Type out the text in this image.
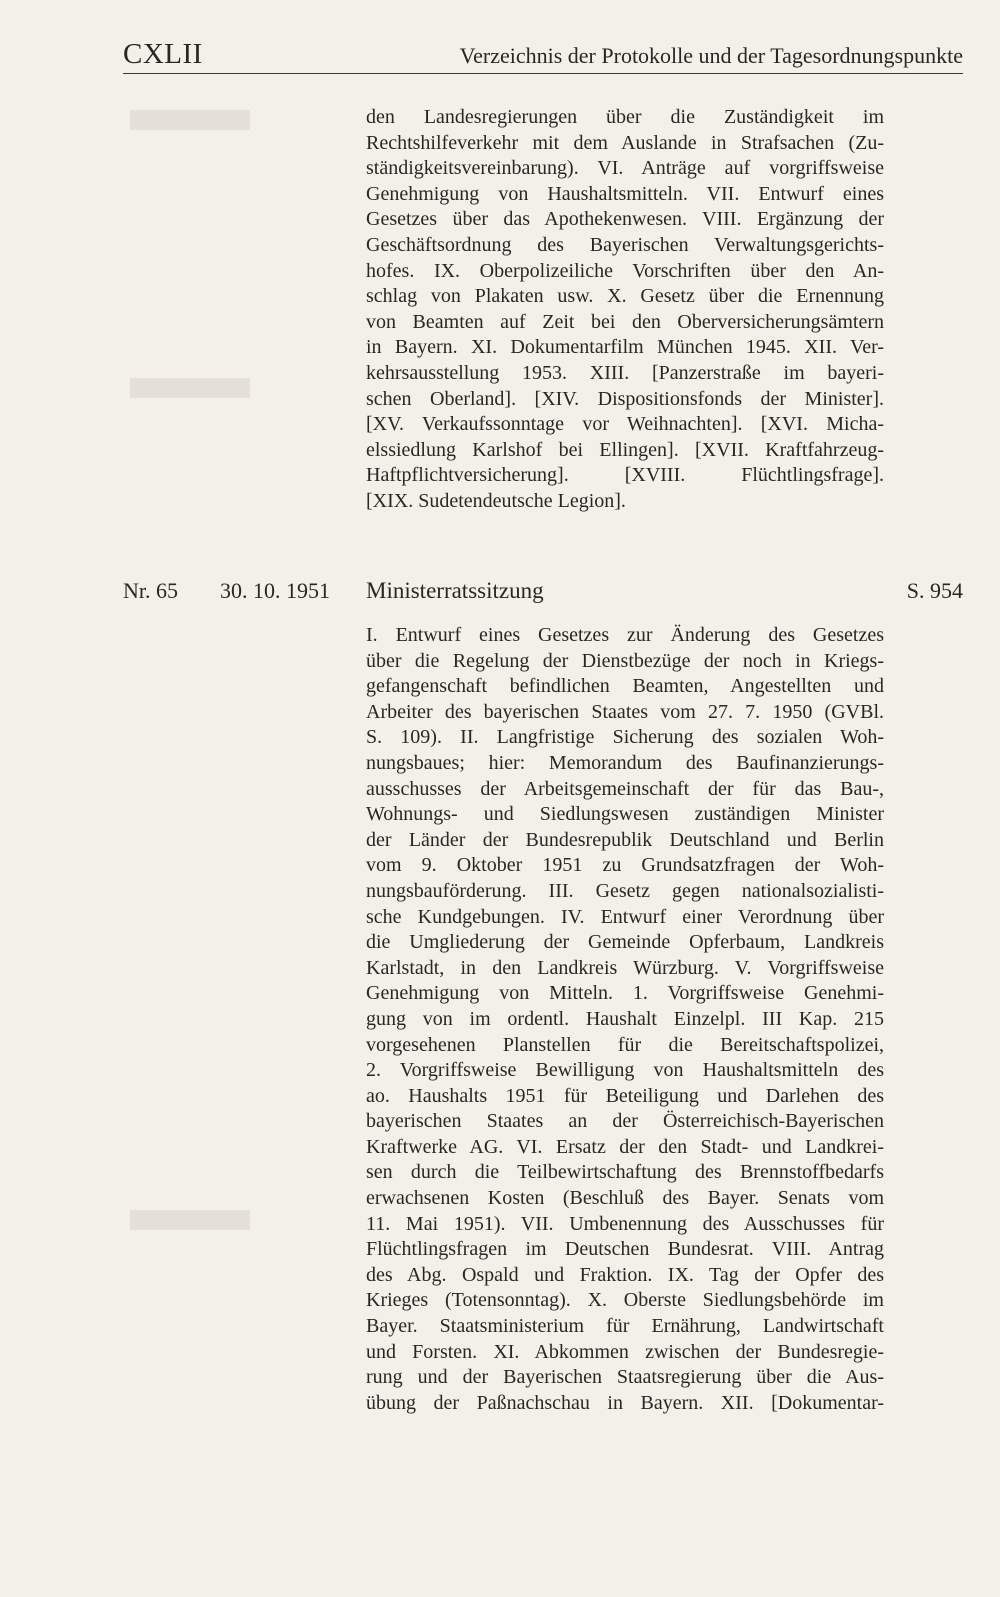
CXLII	Verzeichnis der Protokolle und der Tagesordnungspunkte
den Landesregierungen über die Zuständigkeit im
Rechtshilfeverkehr mit dem Auslande in Strafsachen (Zu-
ständigkeitsvereinbarung). VI. Anträge auf vorgriffsweise
Genehmigung von Haushaltsmitteln. VII. Entwurf eines
Gesetzes über das Apothekenwesen. VIII. Ergänzung der
Geschäftsordnung des Bayerischen Verwaltungsgerichts-
hofes. IX. Oberpolizeiliche Vorschriften über den An-
schlag von Plakaten usw. X. Gesetz über die Ernennung
von Beamten auf Zeit bei den Oberversicherungsämtern
in Bayern. XI. Dokumentarfilm München 1945. XII. Ver-
kehrsausstellung 1953. XIII. [Panzerstraße im bayeri-
schen Oberland]. [XIV. Dispositionsfonds der Minister].
[XV. Verkaufssonntage vor Weihnachten]. [XVI. Micha-
elssiedlung Karlshof bei Ellingen]. [XVII. Kraftfahrzeug-
Haftpflichtversicherung]. [XVIII. Flüchtlingsfrage].
[XIX. Sudetendeutsche Legion].
Nr. 65 30. 10. 1951 Ministerratssitzung	S. 954
I. Entwurf eines Gesetzes zur Änderung des Gesetzes
über die Regelung der Dienstbezüge der noch in Kriegs-
gefangenschaft befindlichen Beamten, Angestellten und
Arbeiter des bayerischen Staates vom 27. 7. 1950 (GVBl.
S. 109). II. Langfristige Sicherung des sozialen Woh-
nungsbaues; hier: Memorandum des Baufinanzierungs-
ausschusses der Arbeitsgemeinschaft der für das Bau-,
Wohnungs- und Siedlungswesen zuständigen Minister
der Länder der Bundesrepublik Deutschland und Berlin
vom 9. Oktober 1951 zu Grundsatzfragen der Woh-
nungsbauförderung. III. Gesetz gegen nationalsozialisti-
sche Kundgebungen. IV. Entwurf einer Verordnung über
die Umgliederung der Gemeinde Opferbaum, Landkreis
Karlstadt, in den Landkreis Würzburg. V. Vorgriffsweise
Genehmigung von Mitteln. 1. Vorgriffsweise Genehmi-
gung von im ordentl. Haushalt Einzelpl. III Kap. 215
vorgesehenen Planstellen für die Bereitschaftspolizei,
2. Vorgriffsweise Bewilligung von Haushaltsmitteln des
ao. Haushalts 1951 für Beteiligung und Darlehen des
bayerischen Staates an der Österreichisch-Bayerischen
Kraftwerke AG. VI. Ersatz der den Stadt- und Landkrei-
sen durch die Teilbewirtschaftung des Brennstoffbedarfs
erwachsenen Kosten (Beschluß des Bayer. Senats vom
11. Mai 1951). VII. Umbenennung des Ausschusses für
Flüchtlingsfragen im Deutschen Bundesrat. VIII. Antrag
des Abg. Ospald und Fraktion. IX. Tag der Opfer des
Krieges (Totensonntag). X. Oberste Siedlungsbehörde im
Bayer. Staatsministerium für Ernährung, Landwirtschaft
und Forsten. XI. Abkommen zwischen der Bundesregie-
rung und der Bayerischen Staatsregierung über die Aus-
übung der Paßnachschau in Bayern. XII. [Dokumentar-
